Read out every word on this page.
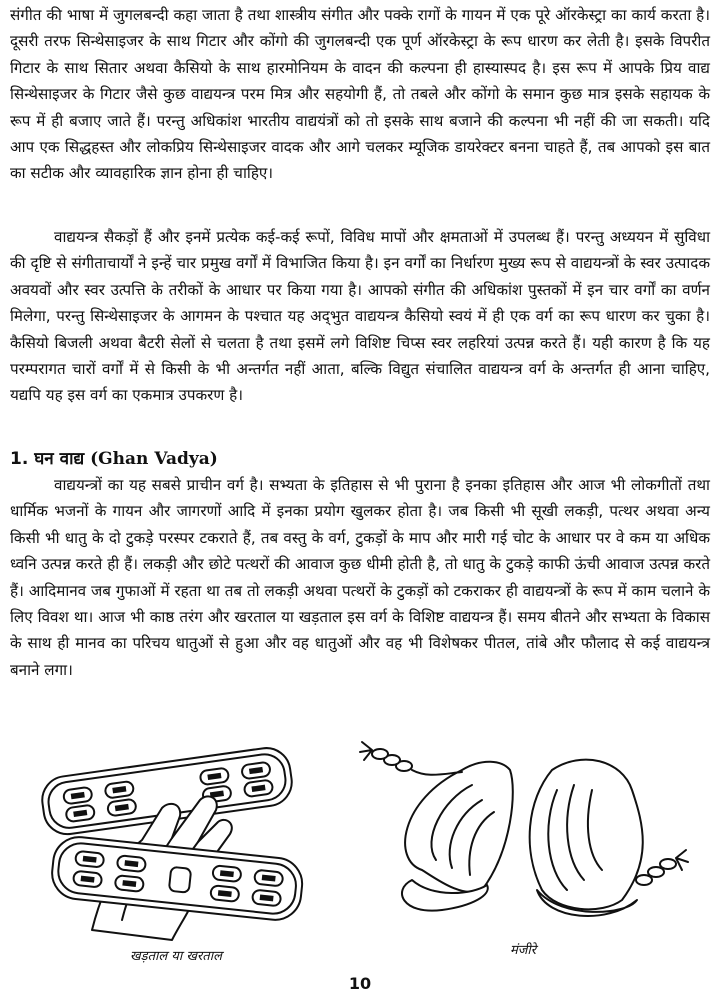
संगीत की भाषा में जुगलबन्दी कहा जाता है तथा शास्त्रीय संगीत और पक्के रागों के गायन में एक पूरे ऑरकेस्ट्रा का कार्य करता है। दूसरी तरफ सिन्थेसाइजर के साथ गिटार और कोंगो की जुगलबन्दी एक पूर्ण ऑरकेस्ट्रा के रूप धारण कर लेती है। इसके विपरीत गिटार के साथ सितार अथवा कैसियो के साथ हारमोनियम के वादन की कल्पना ही हास्यास्पद है। इस रूप में आपके प्रिय वाद्य सिन्थेसाइजर के गिटार जैसे कुछ वाद्ययन्त्र परम मित्र और सहयोगी हैं, तो तबले और कोंगो के समान कुछ मात्र इसके सहायक के रूप में ही बजाए जाते हैं। परन्तु अधिकांश भारतीय वाद्ययंत्रों को तो इसके साथ बजाने की कल्पना भी नहीं की जा सकती। यदि आप एक सिद्धहस्त और लोकप्रिय सिन्थेसाइजर वादक और आगे चलकर म्यूजिक डायरेक्टर बनना चाहते हैं, तब आपको इस बात का सटीक और व्यावहारिक ज्ञान होना ही चाहिए।

वाद्ययन्त्र सैकड़ों हैं और इनमें प्रत्येक कई-कई रूपों, विविध मापों और क्षमताओं में उपलब्ध हैं। परन्तु अध्ययन में सुविधा की दृष्टि से संगीताचार्यों ने इन्हें चार प्रमुख वर्गों में विभाजित किया है। इन वर्गों का निर्धारण मुख्य रूप से वाद्ययन्त्रों के स्वर उत्पादक अवयवों और स्वर उत्पत्ति के तरीकों के आधार पर किया गया है। आपको संगीत की अधिकांश पुस्तकों में इन चार वर्गों का वर्णन मिलेगा, परन्तु सिन्थेसाइजर के आगमन के पश्चात यह अद्‌भुत वाद्ययन्त्र कैसियो स्वयं में ही एक वर्ग का रूप धारण कर चुका है। कैसियो बिजली अथवा बैटरी सेलों से चलता है तथा इसमें लगे विशिष्ट चिप्स स्वर लहरियां उत्पन्न करते हैं। यही कारण है कि यह परम्परागत चारों वर्गों में से किसी के भी अन्तर्गत नहीं आता, बल्कि विद्युत संचालित वाद्ययन्त्र वर्ग के अन्तर्गत ही आना चाहिए, यद्यपि यह इस वर्ग का एकमात्र उपकरण है।

1. घन वाद्य (Ghan Vadya)

वाद्ययन्त्रों का यह सबसे प्राचीन वर्ग है। सभ्यता के इतिहास से भी पुराना है इनका इतिहास और आज भी लोकगीतों तथा धार्मिक भजनों के गायन और जागरणों आदि में इनका प्रयोग खुलकर होता है। जब किसी भी सूखी लकड़ी, पत्थर अथवा अन्य किसी भी धातु के दो टुकड़े परस्पर टकराते हैं, तब वस्तु के वर्ग, टुकड़ों के माप और मारी गई चोट के आधार पर वे कम या अधिक ध्वनि उत्पन्न करते ही हैं। लकड़ी और छोटे पत्थरों की आवाज कुछ धीमी होती है, तो धातु के टुकड़े काफी ऊंची आवाज उत्पन्न करते हैं। आदिमानव जब गुफाओं में रहता था तब तो लकड़ी अथवा पत्थरों के टुकड़ों को टकराकर ही वाद्ययन्त्रों के रूप में काम चलाने के लिए विवश था। आज भी काष्ठ तरंग और खरताल या खड़ताल इस वर्ग के विशिष्ट वाद्ययन्त्र हैं। समय बीतने और सभ्यता के विकास के साथ ही मानव का परिचय धातुओं से हुआ और वह धातुओं और वह भी विशेषकर पीतल, तांबे और फौलाद से कई वाद्ययन्त्र बनाने लगा।

खड़ताल या खरताल	मंजीरे
10
